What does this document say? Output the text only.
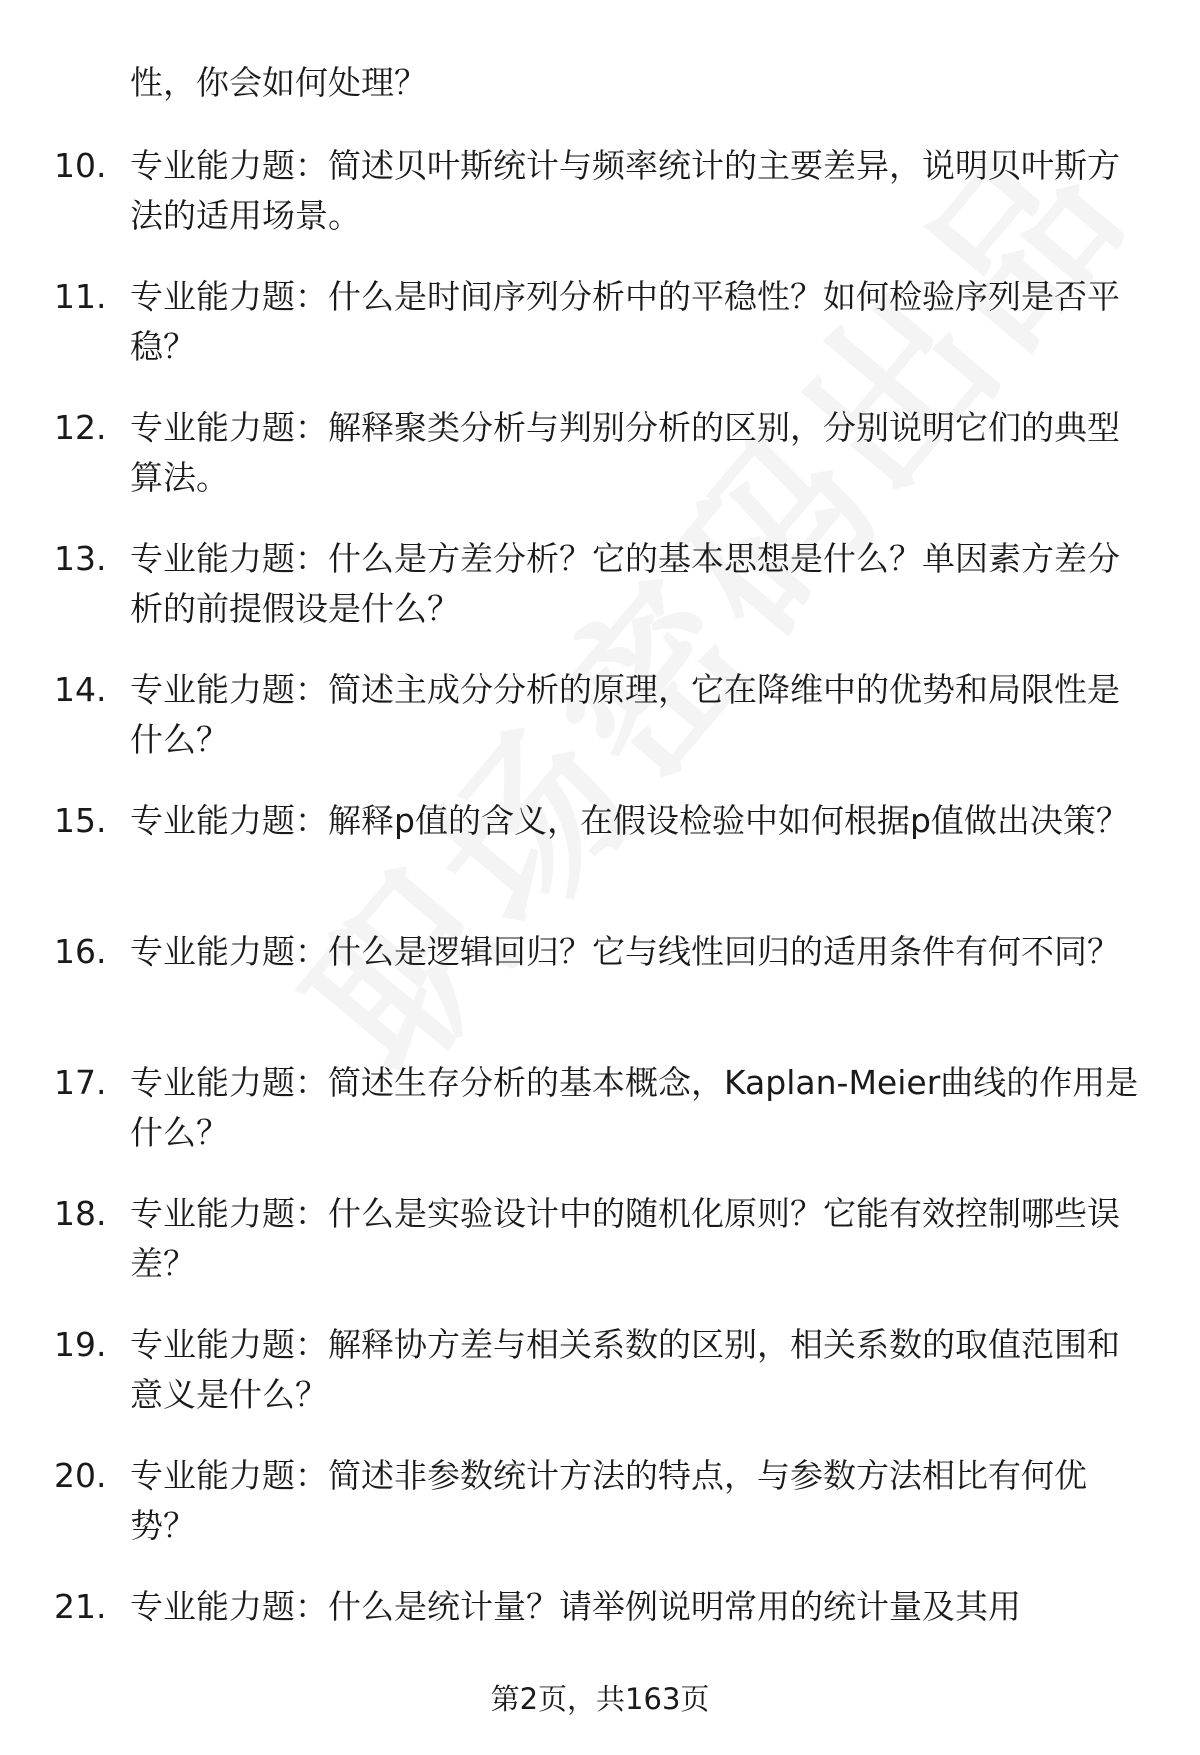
性，你会如何处理？
10. 专业能力题：简述贝叶斯统计与频率统计的主要差异，说明贝叶斯方法的适用场景。
11. 专业能力题：什么是时间序列分析中的平稳性？如何检验序列是否平稳？
12. 专业能力题：解释聚类分析与判别分析的区别，分别说明它们的典型算法。
13. 专业能力题：什么是方差分析？它的基本思想是什么？单因素方差分析的前提假设是什么？
14. 专业能力题：简述主成分分析的原理，它在降维中的优势和局限性是什么？
15. 专业能力题：解释p值的含义，在假设检验中如何根据p值做出决策？
16. 专业能力题：什么是逻辑回归？它与线性回归的适用条件有何不同？
17. 专业能力题：简述生存分析的基本概念，Kaplan-Meier曲线的作用是什么？
18. 专业能力题：什么是实验设计中的随机化原则？它能有效控制哪些误差？
19. 专业能力题：解释协方差与相关系数的区别，相关系数的取值范围和意义是什么？
20. 专业能力题：简述非参数统计方法的特点，与参数方法相比有何优势？
21. 专业能力题：什么是统计量？请举例说明常用的统计量及其用
第2页，共163页
